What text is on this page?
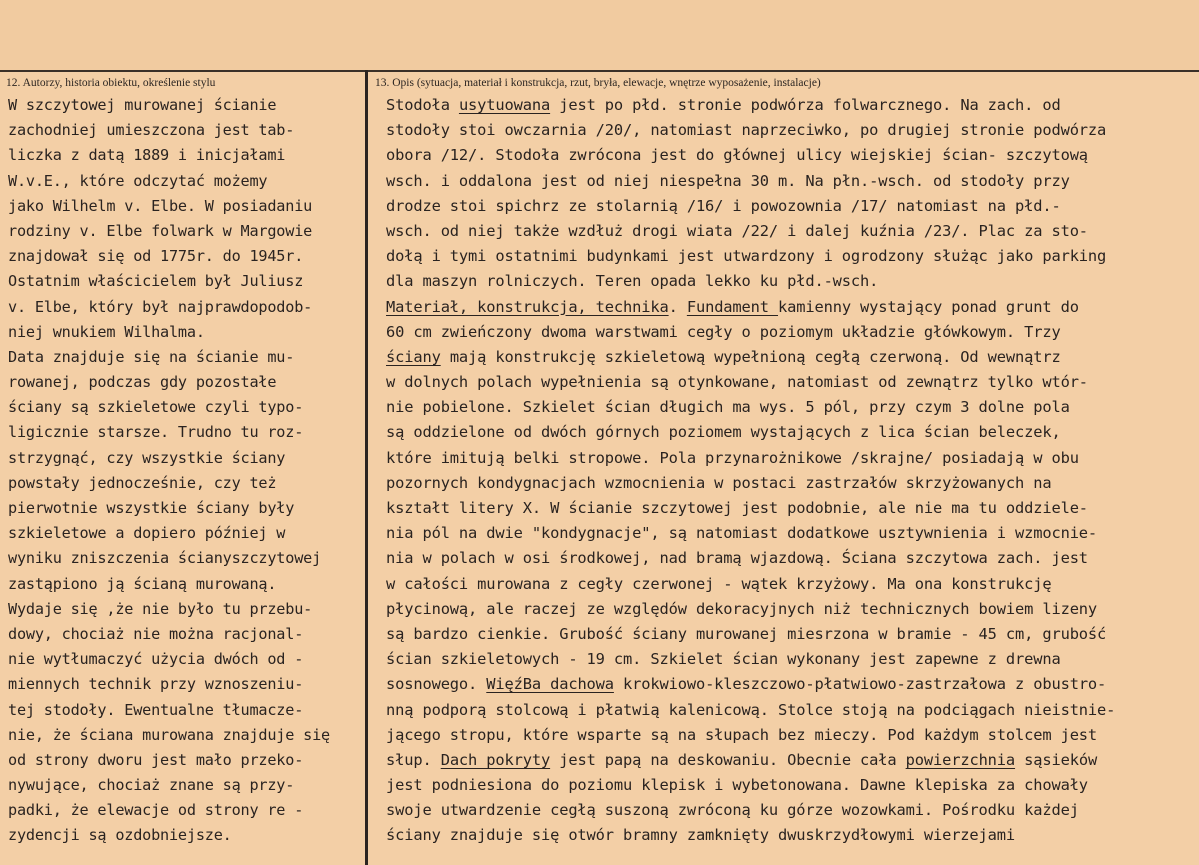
12. Autorzy, historia obiektu, określenie stylu	13. Opis (sytuacja, materiał i konstrukcja, rzut, bryła, elewacje, wnętrze wyposażenie, instalacje)
W szczytowej murowanej ścianie
zachodniej umieszczona jest tab-
liczka z datą 1889 i inicjałami
W.v.E., które odczytać możemy
jako Wilhelm v. Elbe. W posiadaniu
rodziny v. Elbe folwark w Margowie
znajdował się od 1775r. do 1945r.
Ostatnim właścicielem był Juliusz
v. Elbe, który był najprawdopodob-
niej wnukiem Wilhalma.
Data znajduje się na ścianie mu-
rowanej, podczas gdy pozostałe
ściany są szkieletowe czyli typo-
ligicznie starsze. Trudno tu roz-
strzygnąć, czy wszystkie ściany
powstały jednocześnie, czy też
pierwotnie wszystkie ściany były
szkieletowe a dopiero później w
wyniku zniszczenia ścianyszczytowej
zastąpiono ją ścianą murowaną.
Wydaje się ,że nie było tu przebu-
dowy, chociaż nie można racjonal-
nie wytłumaczyć użycia dwóch od -
miennych technik przy wznoszeniu-
tej stodoły. Ewentualne tłumacze-
nie, że ściana murowana znajduje się
od strony dworu jest mało przeko-
nywujące, chociaż znane są przy-
padki, że elewacje od strony re -
zydencji są ozdobniejsze.
Stodoła usytuowana jest po płd. stronie podwórza folwarcznego. Na zach. od
stodoły stoi owczarnia /20/, natomiast naprzeciwko, po drugiej stronie podwórza
obora /12/. Stodoła zwrócona jest do głównej ulicy wiejskiej ścian- szczytową
wsch. i oddalona jest od niej niespełna 30 m. Na płn.-wsch. od stodoły przy
drodze stoi spichrz ze stolarnią /16/ i powozownia /17/ natomiast na płd.-
wsch. od niej także wzdłuż drogi wiata /22/ i dalej kuźnia /23/. Plac za sto-
dołą i tymi ostatnimi budynkami jest utwardzony i ogrodzony służąc jako parking
dla maszyn rolniczych. Teren opada lekko ku płd.-wsch.
Materiał, konstrukcja, technika. Fundament kamienny wystający ponad grunt do
60 cm zwieńczony dwoma warstwami cegły o poziomym układzie główkowym. Trzy
ściany mają konstrukcję szkieletową wypełnioną cegłą czerwoną. Od wewnątrz
w dolnych polach wypełnienia są otynkowane, natomiast od zewnątrz tylko wtór-
nie pobielone. Szkielet ścian długich ma wys. 5 pól, przy czym 3 dolne pola
są oddzielone od dwóch górnych poziomem wystających z lica ścian beleczek,
które imitują belki stropowe. Pola przynarożnikowe /skrajne/ posiadają w obu
pozornych kondygnacjach wzmocnienia w postaci zastrzałów skrzyżowanych na
kształt litery X. W ścianie szczytowej jest podobnie, ale nie ma tu oddziele-
nia pól na dwie "kondygnacje", są natomiast dodatkowe usztywnienia i wzmocnie-
nia w polach w osi środkowej, nad bramą wjazdową. Ściana szczytowa zach. jest
w całości murowana z cegły czerwonej - wątek krzyżowy. Ma ona konstrukcję
płycinową, ale raczej ze względów dekoracyjnych niż technicznych bowiem lizeny
są bardzo cienkie. Grubość ściany murowanej miesrzona w bramie - 45 cm, grubość
ścian szkieletowych - 19 cm. Szkielet ścian wykonany jest zapewne z drewna
sosnowego. WięźBa dachowa krokwiowo-kleszczowo-płatwiowo-zastrzałowa z obustro-
nną podporą stolcową i płatwią kalenicową. Stolce stoją na podciągach nieistnie-
jącego stropu, które wsparte są na słupach bez mieczy. Pod każdym stolcem jest
słup. Dach pokryty jest papą na deskowaniu. Obecnie cała powierzchnia sąsieków
jest podniesiona do poziomu klepisk i wybetonowana. Dawne klepiska za chowały
swoje utwardzenie cegłą suszoną zwróconą ku górze wozowkami. Pośrodku każdej
ściany znajduje się otwór bramny zamknięty dwuskrzydłowymi wierzejami
